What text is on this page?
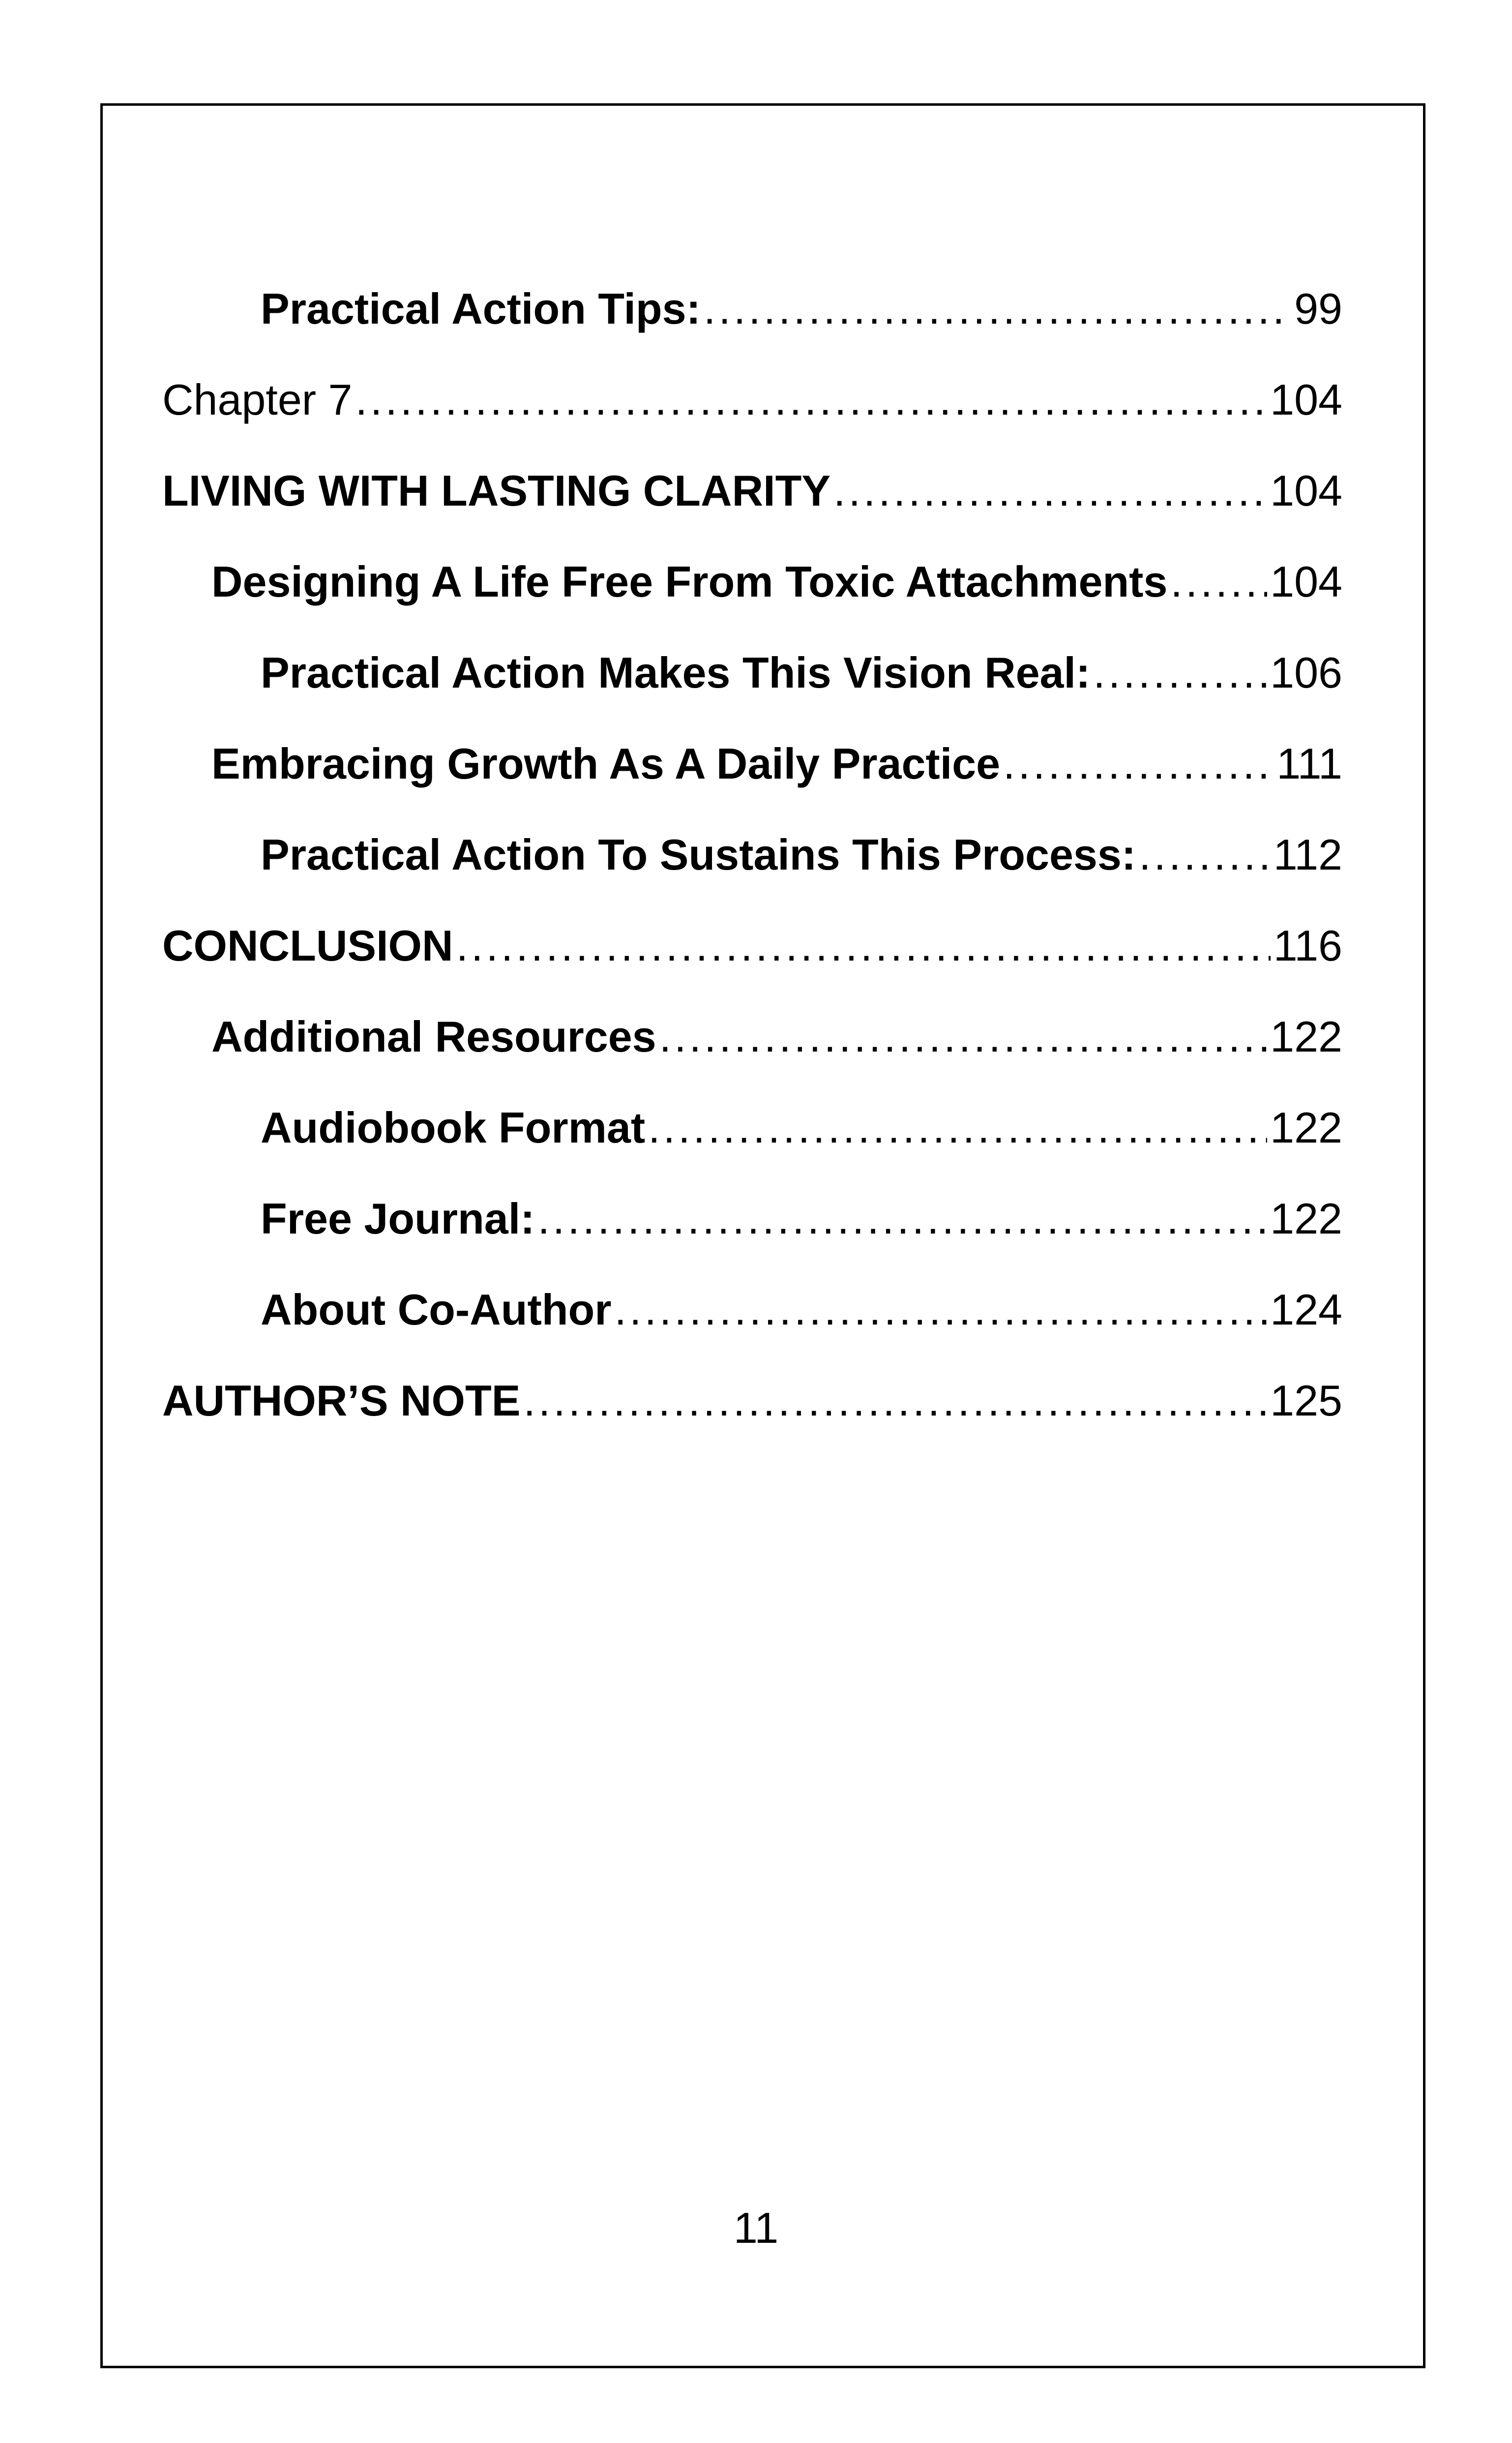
Practical Action Tips: .....	99
Chapter 7 .....	104
LIVING WITH LASTING CLARITY .....	104
Designing A Life Free From Toxic Attachments ..... 104
Practical Action Makes This Vision Real: .....	106
Embracing Growth As A Daily Practice .....	111
Practical Action To Sustains This Process: .....	112
CONCLUSION .....	116
Additional Resources .....	122
Audiobook Format .....	122
Free Journal: .....	122
About Co-Author .....	124
AUTHOR’S NOTE .....	125
11
